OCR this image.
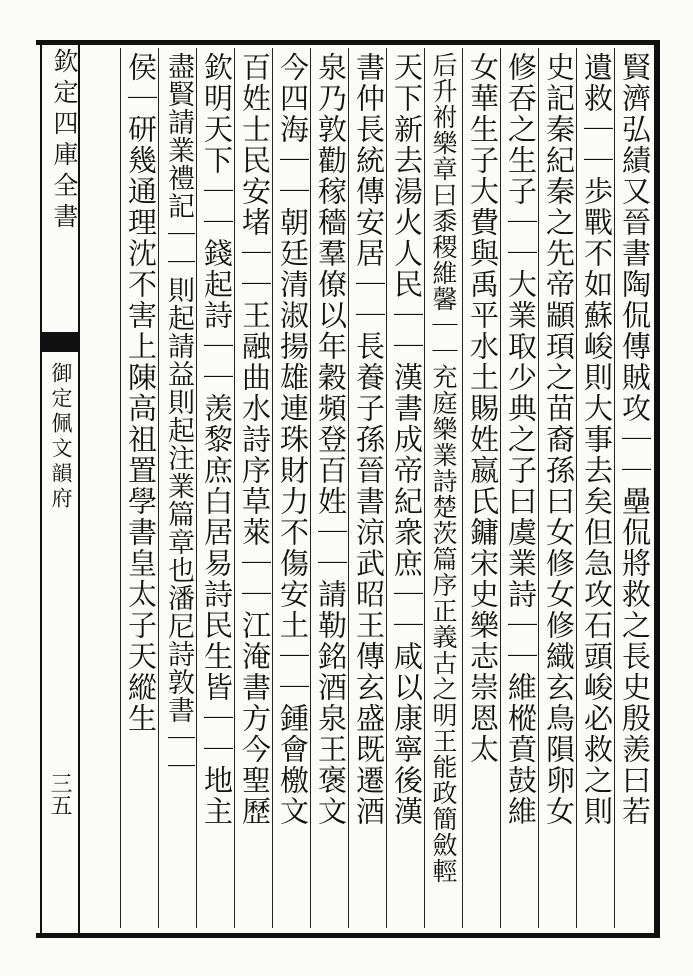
欽定四庫全書
御定佩文韻府
三五	賢濟弘績又晉書陶侃傳賊攻｜｜壘侃將救之長史殷羨曰若
遺救｜｜歩戰不如蘇峻則大事去矣但急攻石頭峻必救之則
史記秦紀秦之先帝顓頊之苗裔孫曰女修女修織玄鳥隕卵女
修吞之生子｜｜大業取少典之子曰虞業詩｜｜維樅賁鼓維
女華生子大費與禹平水土賜姓嬴氏鏞宋史樂志崇恩太
后升祔樂章曰黍稷維馨｜｜充庭樂業詩楚茨篇序正義古之明王能政簡斂輕
天下新去湯火人民｜｜漢書成帝紀衆庶｜｜咸以康寧後漢
書仲長統傳安居｜｜長養子孫晉書涼武昭王傳玄盛既遷酒
泉乃敦勸稼穡羣僚以年穀頻登百姓｜｜請勒銘酒泉王褒文
今四海｜｜朝廷清淑揚雄連珠財力不傷安土｜｜鍾會檄文
百姓士民安堵｜｜王融曲水詩序草萊｜｜江淹書方今聖歷
欽明天下｜｜錢起詩｜｜羡黎庶白居易詩民生皆｜｜地主
盡賢請業禮記｜｜則起請益則起注業篇章也潘尼詩敦書｜｜
侯｜研幾通理沈不害上陳高祖置學書皇太子天縱生
